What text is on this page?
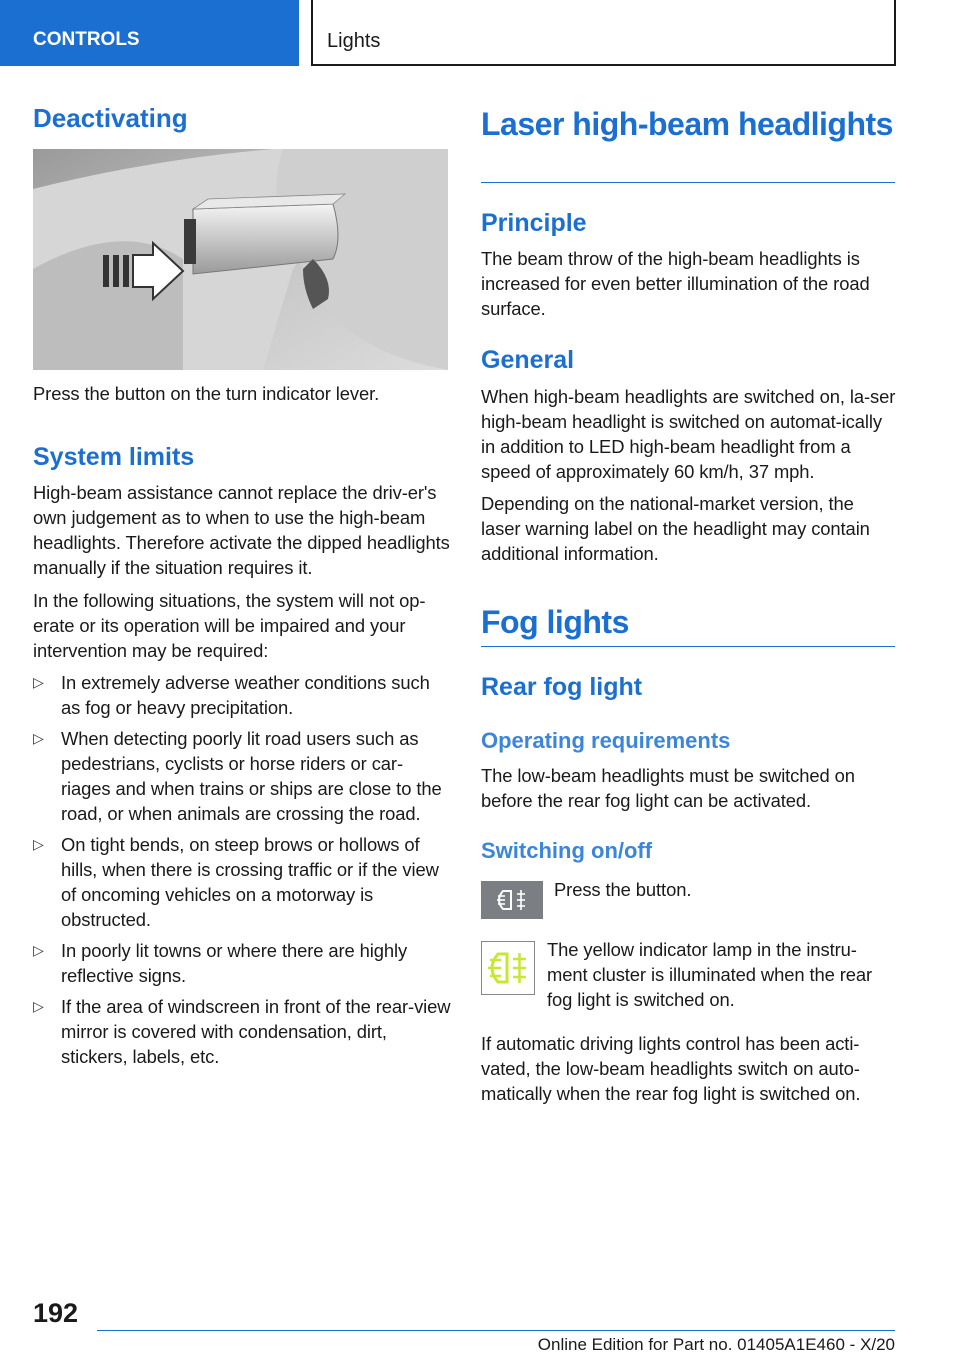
CONTROLS	Lights
Deactivating

Press the button on the turn indicator lever.

System limits

High-beam assistance cannot replace the driv-er's own judgement as to when to use the high-beam headlights. Therefore activate the dipped headlights manually if the situation requires it.

In the following situations, the system will not op-erate or its operation will be impaired and your intervention may be required:

▷ In extremely adverse weather conditions such as fog or heavy precipitation.
▷ When detecting poorly lit road users such as pedestrians, cyclists or horse riders or car-riages and when trains or ships are close to the road, or when animals are crossing the road.
▷ On tight bends, on steep brows or hollows of hills, when there is crossing traffic or if the view of oncoming vehicles on a motorway is obstructed.
▷ In poorly lit towns or where there are highly reflective signs.
▷ If the area of windscreen in front of the rear-view mirror is covered with condensation, dirt, stickers, labels, etc.
Laser high-beam headlights
Principle

The beam throw of the high-beam headlights is increased for even better illumination of the road surface.

General

When high-beam headlights are switched on, la-ser high-beam headlight is switched on automat-ically in addition to LED high-beam headlight from a speed of approximately 60 km/h, 37 mph.

Depending on the national-market version, the laser warning label on the headlight may contain additional information.

Fog lights
Rear fog light
Operating requirements

The low-beam headlights must be switched on before the rear fog light can be activated.

Switching on/off

Press the button.

The yellow indicator lamp in the instru-ment cluster is illuminated when the rear fog light is switched on.

If automatic driving lights control has been acti-vated, the low-beam headlights switch on auto-matically when the rear fog light is switched on.

192
Online Edition for Part no. 01405A1E460 - X/20
